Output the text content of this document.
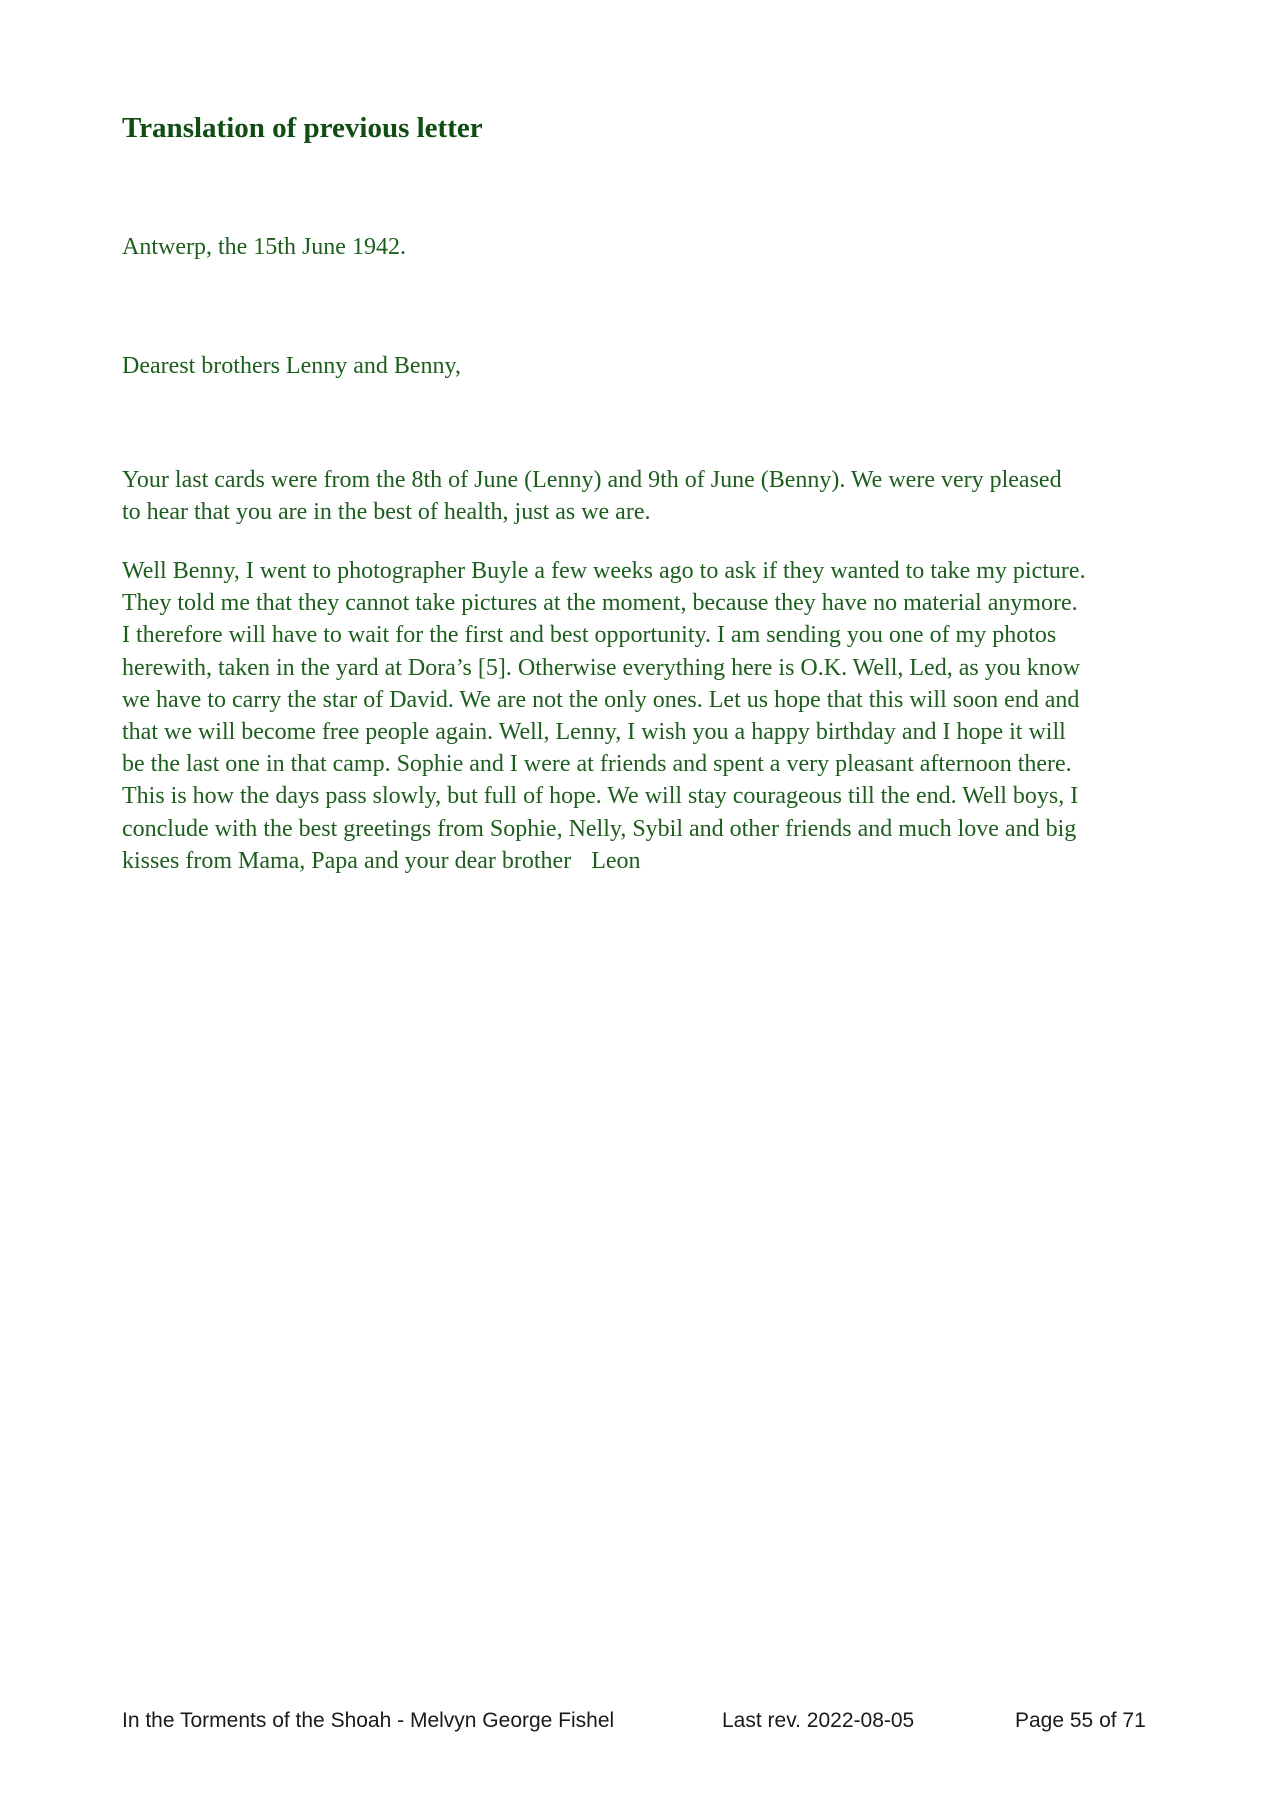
Translation of previous letter

Antwerp, the 15th June 1942.

Dearest brothers Lenny and Benny,

Your last cards were from the 8th of June (Lenny) and 9th of June (Benny). We were very pleased
to hear that you are in the best of health, just as we are.
Well Benny, I went to photographer Buyle a few weeks ago to ask if they wanted to take my picture.
They told me that they cannot take pictures at the moment, because they have no material anymore.
I therefore will have to wait for the first and best opportunity. I am sending you one of my photos
herewith, taken in the yard at Dora’s [5]. Otherwise everything here is O.K. Well, Led, as you know
we have to carry the star of David. We are not the only ones. Let us hope that this will soon end and
that we will become free people again. Well, Lenny, I wish you a happy birthday and I hope it will
be the last one in that camp. Sophie and I were at friends and spent a very pleasant afternoon there.
This is how the days pass slowly, but full of hope. We will stay courageous till the end. Well boys, I
conclude with the best greetings from Sophie, Nelly, Sybil and other friends and much love and big
kisses from Mama, Papa and your dear brother Leon

In the Torments of the Shoah - Melvyn George Fishel	Last rev. 2022-08-05	Page 55 of 71
